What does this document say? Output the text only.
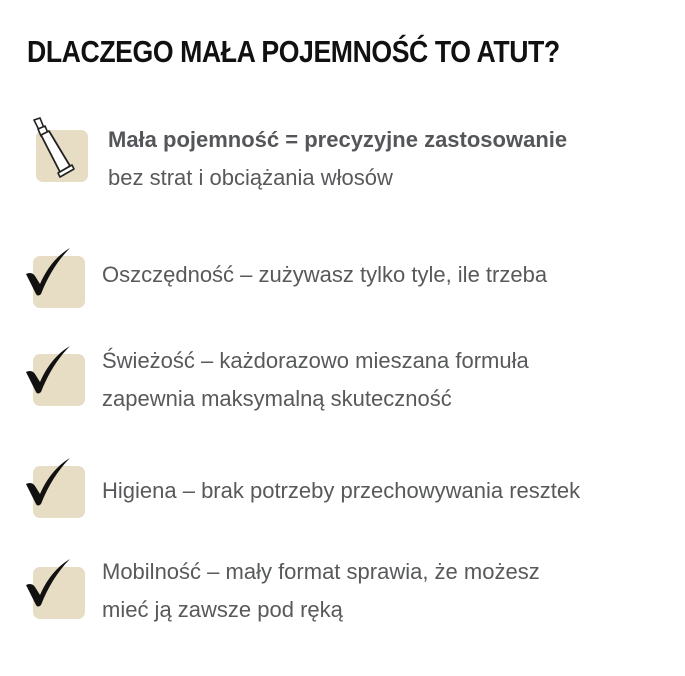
DLACZEGO MAŁA POJEMNOŚĆ TO ATUT?
Mała pojemność = precyzyjne zastosowanie
bez strat i obciążania włosów
Oszczędność – zużywasz tylko tyle, ile trzeba
Świeżość – każdorazowo mieszana formuła
zapewnia maksymalną skuteczność
Higiena – brak potrzeby przechowywania resztek
Mobilność – mały format sprawia, że możesz
mieć ją zawsze pod ręką
